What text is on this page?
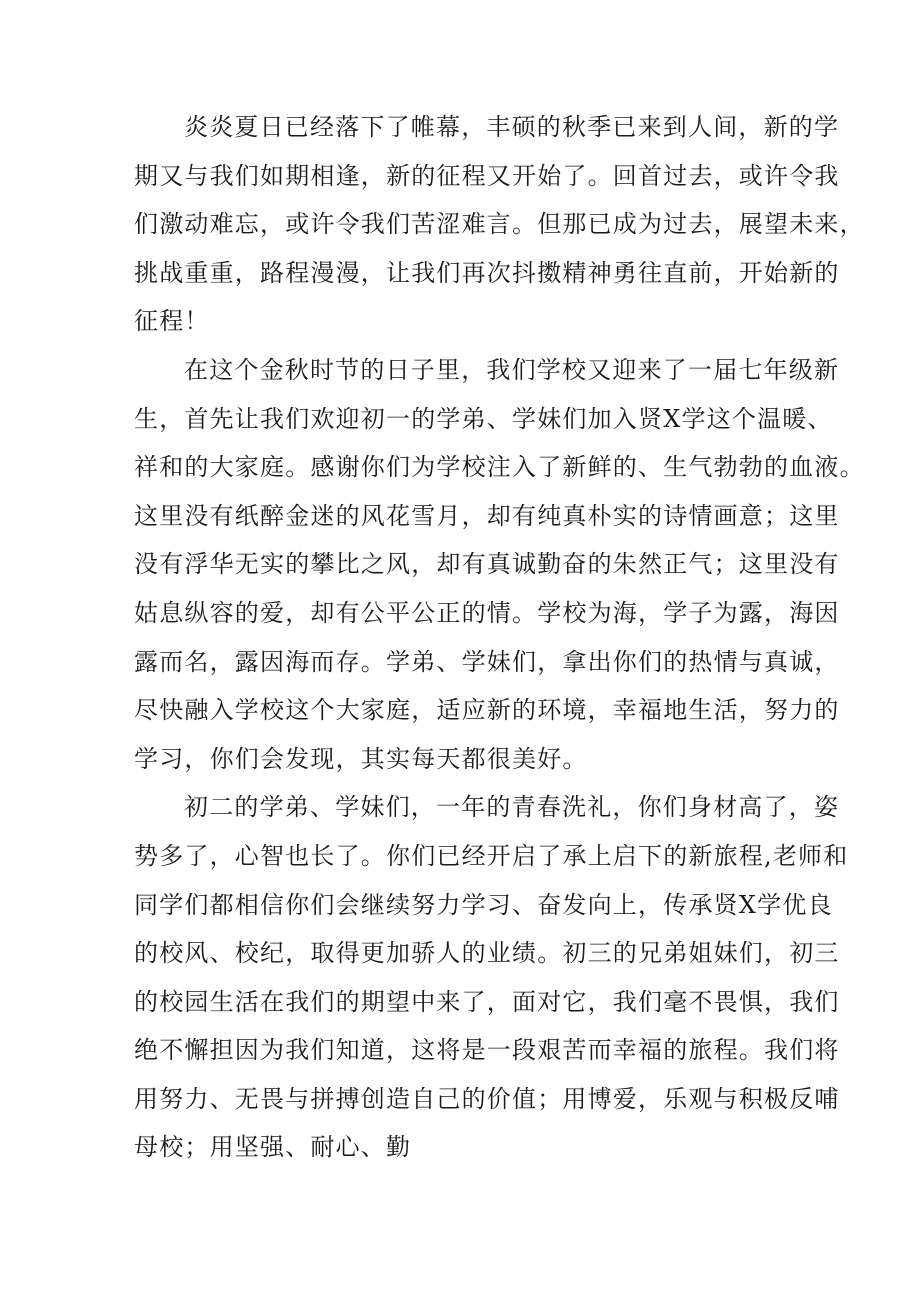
炎炎夏日已经落下了帷幕，丰硕的秋季已来到人间，新的学
期又与我们如期相逢，新的征程又开始了。回首过去，或许令我
们激动难忘，或许令我们苦涩难言。但那已成为过去，展望未来，
挑战重重，路程漫漫，让我们再次抖擞精神勇往直前，开始新的
征程！
在这个金秋时节的日子里，我们学校又迎来了一届七年级新
生，首先让我们欢迎初一的学弟、学妹们加入贤X学这个温暖、
祥和的大家庭。感谢你们为学校注入了新鲜的、生气勃勃的血液。
这里没有纸醉金迷的风花雪月，却有纯真朴实的诗情画意；这里
没有浮华无实的攀比之风，却有真诚勤奋的朱然正气；这里没有
姑息纵容的爱，却有公平公正的情。学校为海，学子为露，海因
露而名，露因海而存。学弟、学妹们，拿出你们的热情与真诚，
尽快融入学校这个大家庭，适应新的环境，幸福地生活，努力的
学习，你们会发现，其实每天都很美好。
初二的学弟、学妹们，一年的青春洗礼，你们身材高了，姿
势多了，心智也长了。你们已经开启了承上启下的新旅程,老师和
同学们都相信你们会继续努力学习、奋发向上，传承贤X学优良
的校风、校纪，取得更加骄人的业绩。初三的兄弟姐妹们，初三
的校园生活在我们的期望中来了，面对它，我们毫不畏惧，我们
绝不懈担因为我们知道，这将是一段艰苦而幸福的旅程。我们将
用努力、无畏与拼搏创造自己的价值；用博爱，乐观与积极反哺
母校；用坚强、耐心、勤
